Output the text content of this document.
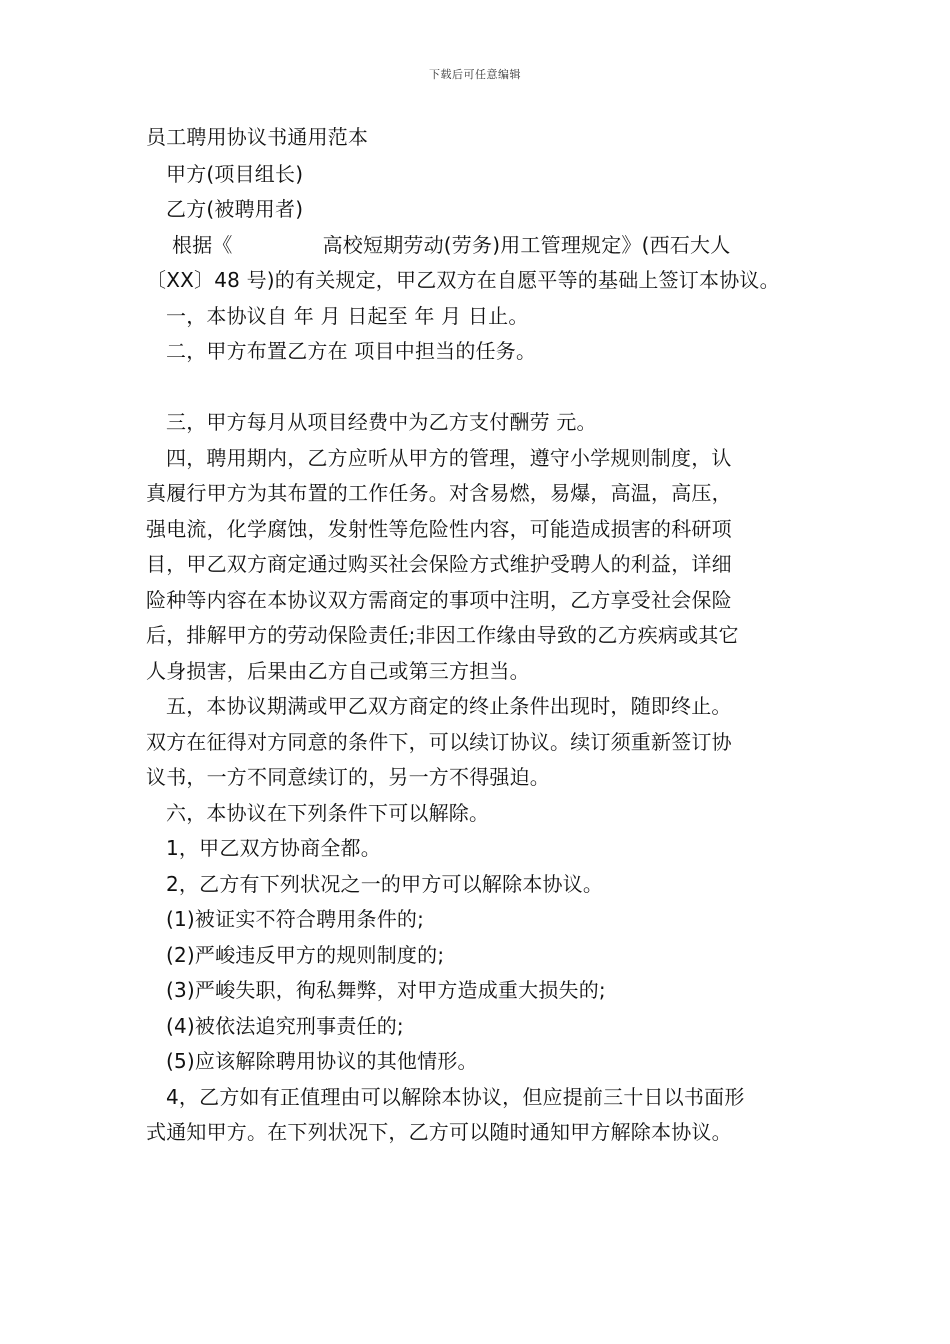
下载后可任意编辑
员工聘用协议书通用范本
甲方(项目组长)
乙方(被聘用者)
根据《	高校短期劳动(劳务)用工管理规定》(西石大人
〔XX〕48 号)的有关规定，甲乙双方在自愿平等的基础上签订本协议。
一，本协议自 年 月 日起至 年 月 日止。
二，甲方布置乙方在 项目中担当的任务。
三，甲方每月从项目经费中为乙方支付酬劳 元。
四，聘用期内，乙方应听从甲方的管理，遵守小学规则制度，认
真履行甲方为其布置的工作任务。对含易燃，易爆，高温，高压，
强电流，化学腐蚀，发射性等危险性内容，可能造成损害的科研项
目，甲乙双方商定通过购买社会保险方式维护受聘人的利益，详细
险种等内容在本协议双方需商定的事项中注明，乙方享受社会保险
后，排解甲方的劳动保险责任;非因工作缘由导致的乙方疾病或其它
人身损害，后果由乙方自己或第三方担当。
五，本协议期满或甲乙双方商定的终止条件出现时，随即终止。
双方在征得对方同意的条件下，可以续订协议。续订须重新签订协
议书，一方不同意续订的，另一方不得强迫。
六，本协议在下列条件下可以解除。
1，甲乙双方协商全都。
2，乙方有下列状况之一的甲方可以解除本协议。
(1)被证实不符合聘用条件的;
(2)严峻违反甲方的规则制度的;
(3)严峻失职，徇私舞弊，对甲方造成重大损失的;
(4)被依法追究刑事责任的;
(5)应该解除聘用协议的其他情形。
4，乙方如有正值理由可以解除本协议，但应提前三十日以书面形
式通知甲方。在下列状况下，乙方可以随时通知甲方解除本协议。
